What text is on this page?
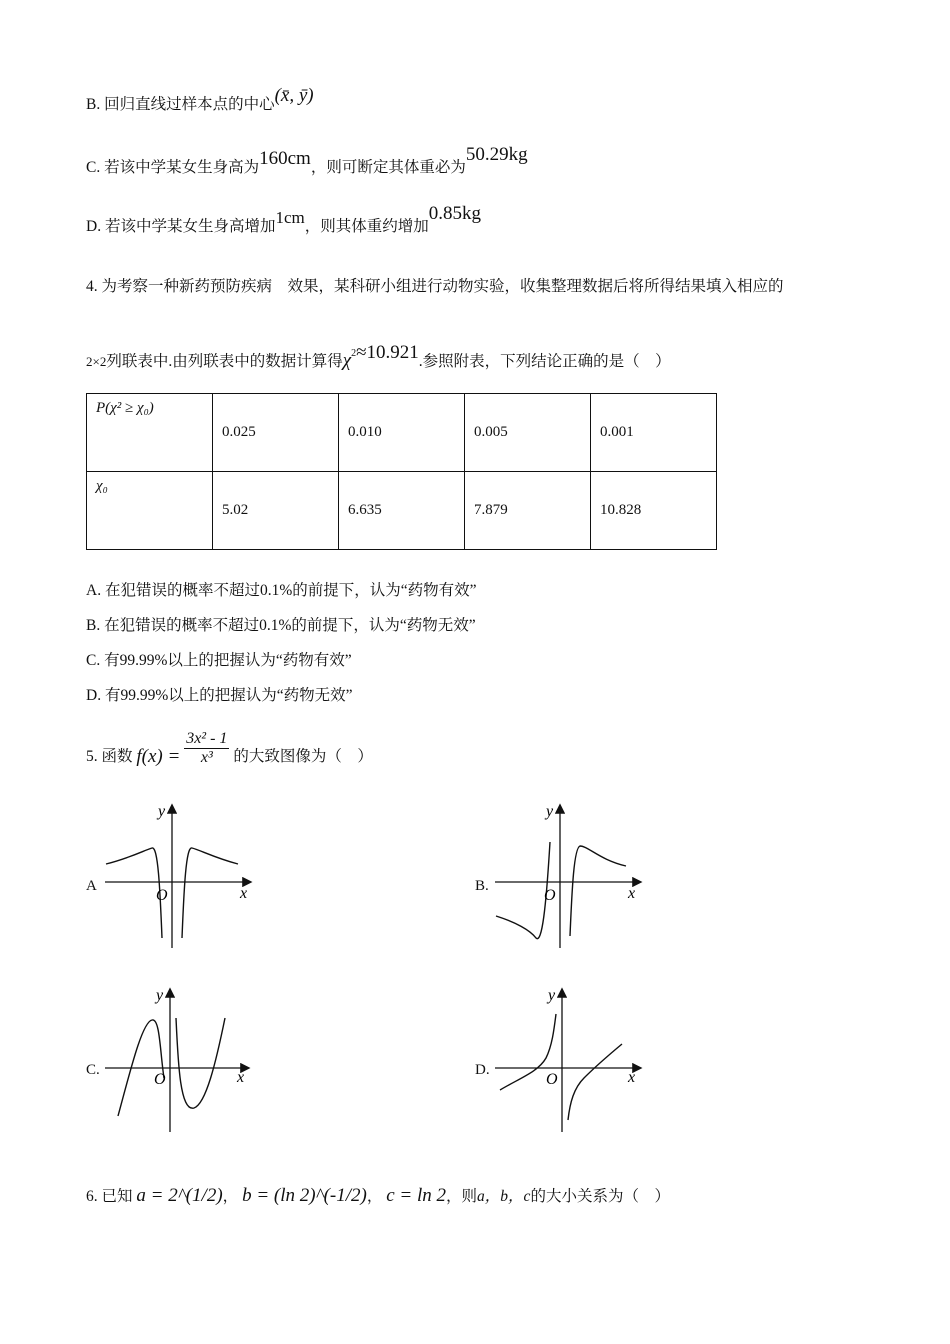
B. 回归直线过样本点的中心(x̄, ȳ)
C. 若该中学某女生身高为160cm，则可断定其体重必为50.29kg
D. 若该中学某女生身高增加1cm，则其体重约增加0.85kg
4. 为考察一种新药预防疾病　效果，某科研小组进行动物实验，收集整理数据后将所得结果填入相应的
2×2列联表中.由列联表中的数据计算得$\chi^2\approx 10.921$.参照附表，下列结论正确的是（　）
P(χ² ≥ χ₀)	0.025	0.010	0.005	0.001
χ₀	5.02	6.635	7.879	10.828
A. 在犯错误的概率不超过0.1%的前提下，认为“药物有效”
B. 在犯错误的概率不超过0.1%的前提下，认为“药物无效”
C. 有99.99%以上的把握认为“药物有效”
D. 有99.99%以上的把握认为“药物无效”
5. 函数 $f(x) = \frac{\text{3x² - 1}}{\text{x³}}$ 的大致图像为（　）
A	B.
C.	D.
O	x
y
O	x
y
O	x
y
O	x
y
6. 已知 a = 2^(1/2)， b = (ln 2)^(-1/2)， c = ln 2，则a，b，c的大小关系为（　）
